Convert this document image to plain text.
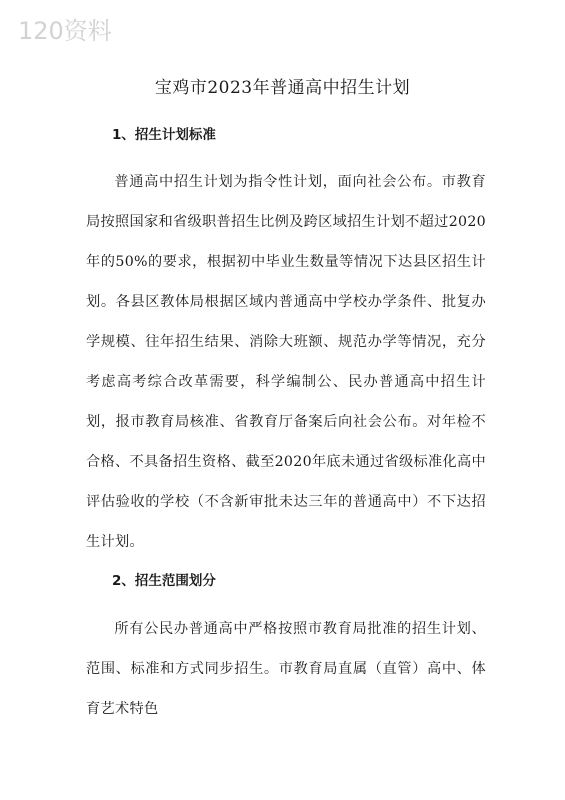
120资料
宝鸡市2023年普通高中招生计划
1、招生计划标准

普通高中招生计划为指令性计划，面向社会公布。市教育局按照国家和省级职普招生比例及跨区域招生计划不超过2020年的50%的要求，根据初中毕业生数量等情况下达县区招生计划。各县区教体局根据区域内普通高中学校办学条件、批复办学规模、往年招生结果、消除大班额、规范办学等情况，充分考虑高考综合改革需要，科学编制公、民办普通高中招生计划，报市教育局核准、省教育厅备案后向社会公布。对年检不合格、不具备招生资格、截至2020年底未通过省级标准化高中评估验收的学校（不含新审批未达三年的普通高中）不下达招生计划。

2、招生范围划分

所有公民办普通高中严格按照市教育局批准的招生计划、范围、标准和方式同步招生。市教育局直属（直管）高中、体育艺术特色
